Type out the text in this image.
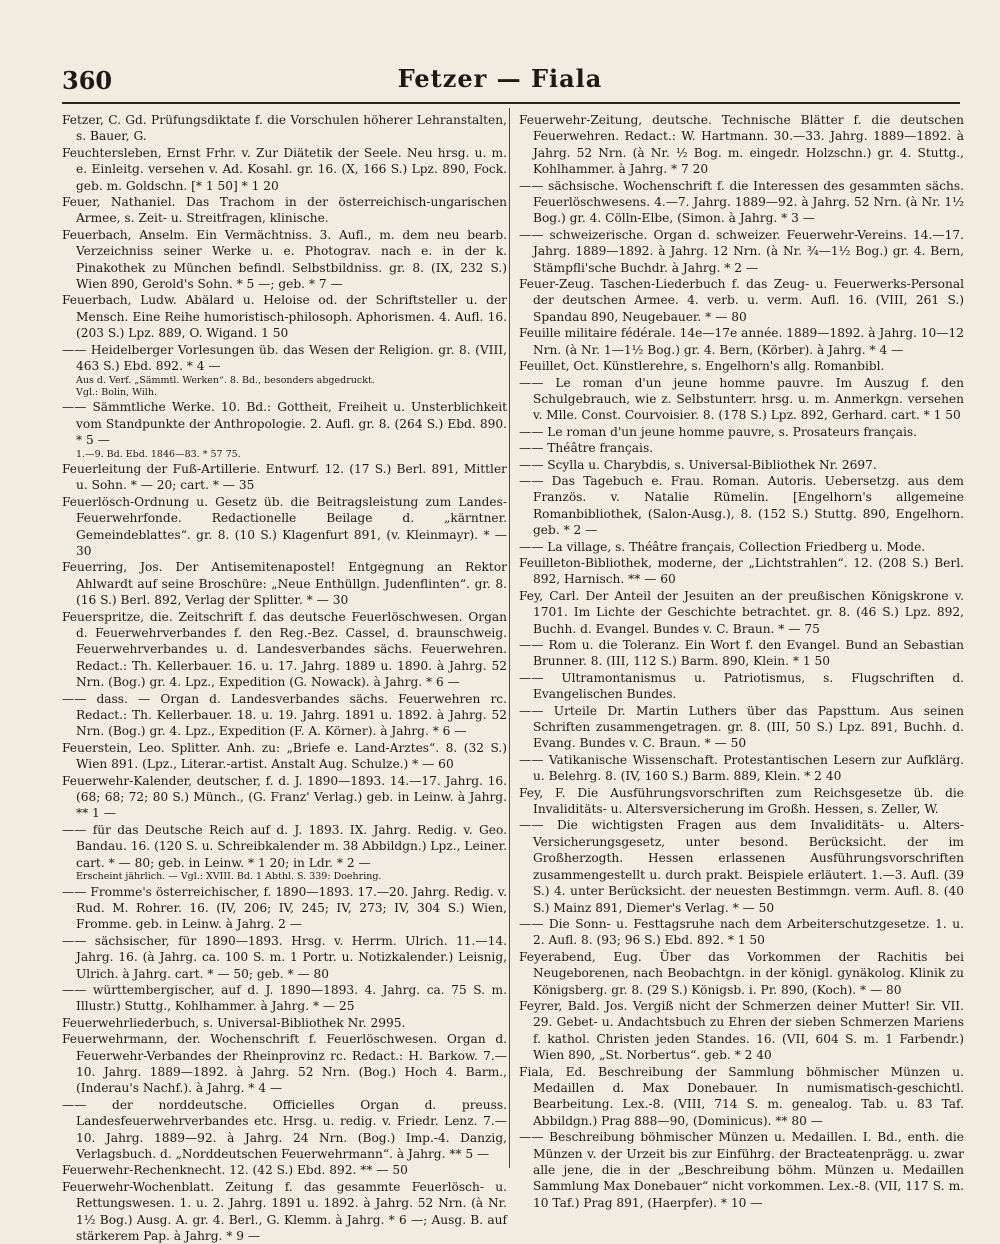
360	Fetzer — Fiala

Fetzer, C. Gd. Prüfungsdiktate f. die Vorschulen höherer Lehranstalten, s. Bauer, G.

Feuchtersleben, Ernst Frhr. v. Zur Diätetik der Seele. Neu hrsg. u. m. e. Einleitg. versehen v. Ad. Kosahl. gr. 16. (X, 166 S.) Lpz. 890, Fock. geb. m. Goldschn. [* 1 50] * 1 20

Feuer, Nathaniel. Das Trachom in der österreichisch-ungarischen Armee, s. Zeit- u. Streitfragen, klinische.

Feuerbach, Anselm. Ein Vermächtniss. 3. Aufl., m. dem neu bearb. Verzeichniss seiner Werke u. e. Photograv. nach e. in der k. Pinakothek zu München befindl. Selbstbildniss. gr. 8. (IX, 232 S.) Wien 890, Gerold's Sohn. * 5 —; geb. * 7 —

Feuerbach, Ludw. Abälard u. Heloise od. der Schriftsteller u. der Mensch. Eine Reihe humoristisch-philosoph. Aphorismen. 4. Aufl. 16. (203 S.) Lpz. 889, O. Wigand. 1 50

—— Heidelberger Vorlesungen üb. das Wesen der Religion. gr. 8. (VIII, 463 S.) Ebd. 892. * 4 —

Aus d. Verf. „Sämmtl. Werken“. 8. Bd., besonders abgedruckt.
Vgl.: Bolin, Wilh.

—— Sämmtliche Werke. 10. Bd.: Gottheit, Freiheit u. Unsterblichkeit vom Standpunkte der Anthropologie. 2. Aufl. gr. 8. (264 S.) Ebd. 890. * 5 —

1.—9. Bd. Ebd. 1846—83. * 57 75.

Feuerleitung der Fuß-Artillerie. Entwurf. 12. (17 S.) Berl. 891, Mittler u. Sohn. * — 20; cart. * — 35

Feuerlösch-Ordnung u. Gesetz üb. die Beitragsleistung zum Landes-Feuerwehrfonde. Redactionelle Beilage d. „kärntner. Gemeindeblattes“. gr. 8. (10 S.) Klagenfurt 891, (v. Kleinmayr). * — 30

Feuerring, Jos. Der Antisemitenapostel! Entgegnung an Rektor Ahlwardt auf seine Broschüre: „Neue Enthüllgn. Judenflinten“. gr. 8. (16 S.) Berl. 892, Verlag der Splitter. * — 30

Feuerspritze, die. Zeitschrift f. das deutsche Feuerlöschwesen. Organ d. Feuerwehrverbandes f. den Reg.-Bez. Cassel, d. braunschweig. Feuerwehrverbandes u. d. Landesverbandes sächs. Feuerwehren. Redact.: Th. Kellerbauer. 16. u. 17. Jahrg. 1889 u. 1890. à Jahrg. 52 Nrn. (Bog.) gr. 4. Lpz., Expedition (G. Nowack). à Jahrg. * 6 —

—— dass. — Organ d. Landesverbandes sächs. Feuerwehren rc. Redact.: Th. Kellerbauer. 18. u. 19. Jahrg. 1891 u. 1892. à Jahrg. 52 Nrn. (Bog.) gr. 4. Lpz., Expedition (F. A. Körner). à Jahrg. * 6 —

Feuerstein, Leo. Splitter. Anh. zu: „Briefe e. Land-Arztes“. 8. (32 S.) Wien 891. (Lpz., Literar.-artist. Anstalt Aug. Schulze.) * — 60

Feuerwehr-Kalender, deutscher, f. d. J. 1890—1893. 14.—17. Jahrg. 16. (68; 68; 72; 80 S.) Münch., (G. Franz' Verlag.) geb. in Leinw. à Jahrg. ** 1 —

—— für das Deutsche Reich auf d. J. 1893. IX. Jahrg. Redig. v. Geo. Bandau. 16. (120 S. u. Schreibkalender m. 38 Abbildgn.) Lpz., Leiner. cart. * — 80; geb. in Leinw. * 1 20; in Ldr. * 2 —

Erscheint jährlich. — Vgl.: XVIII. Bd. 1 Abthl. S. 339: Doehring.

—— Fromme's österreichischer, f. 1890—1893. 17.—20. Jahrg. Redig. v. Rud. M. Rohrer. 16. (IV, 206; IV, 245; IV, 273; IV, 304 S.) Wien, Fromme. geb. in Leinw. à Jahrg. 2 —

—— sächsischer, für 1890—1893. Hrsg. v. Herrm. Ulrich. 11.—14. Jahrg. 16. (à Jahrg. ca. 100 S. m. 1 Portr. u. Notizkalender.) Leisnig, Ulrich. à Jahrg. cart. * — 50; geb. * — 80

—— württembergischer, auf d. J. 1890—1893. 4. Jahrg. ca. 75 S. m. Illustr.) Stuttg., Kohlhammer. à Jahrg. * — 25

Feuerwehrliederbuch, s. Universal-Bibliothek Nr. 2995.

Feuerwehrmann, der. Wochenschrift f. Feuerlöschwesen. Organ d. Feuerwehr-Verbandes der Rheinprovinz rc. Redact.: H. Barkow. 7.—10. Jahrg. 1889—1892. à Jahrg. 52 Nrn. (Bog.) Hoch 4. Barm., (Inderau's Nachf.). à Jahrg. * 4 —

—— der norddeutsche. Officielles Organ d. preuss. Landesfeuerwehrverbandes etc. Hrsg. u. redig. v. Friedr. Lenz. 7.—10. Jahrg. 1889—92. à Jahrg. 24 Nrn. (Bog.) Imp.-4. Danzig, Verlagsbuch. d. „Norddeutschen Feuerwehrmann“. à Jahrg. ** 5 —

Feuerwehr-Rechenknecht. 12. (42 S.) Ebd. 892. ** — 50

Feuerwehr-Wochenblatt. Zeitung f. das gesammte Feuerlösch- u. Rettungswesen. 1. u. 2. Jahrg. 1891 u. 1892. à Jahrg. 52 Nrn. (à Nr. 1½ Bog.) Ausg. A. gr. 4. Berl., G. Klemm. à Jahrg. * 6 —; Ausg. B. auf stärkerem Pap. à Jahrg. * 9 —

Feuerwehr-Zeitung, deutsche. Technische Blätter f. die deutschen Feuerwehren. Redact.: W. Hartmann. 30.—33. Jahrg. 1889—1892. à Jahrg. 52 Nrn. (à Nr. ½ Bog. m. eingedr. Holzschn.) gr. 4. Stuttg., Kohlhammer. à Jahrg. * 7 20

—— sächsische. Wochenschrift f. die Interessen des gesammten sächs. Feuerlöschwesens. 4.—7. Jahrg. 1889—92. à Jahrg. 52 Nrn. (à Nr. 1½ Bog.) gr. 4. Cölln-Elbe, (Simon. à Jahrg. * 3 —

—— schweizerische. Organ d. schweizer. Feuerwehr-Vereins. 14.—17. Jahrg. 1889—1892. à Jahrg. 12 Nrn. (à Nr. ¾—1½ Bog.) gr. 4. Bern, Stämpfli'sche Buchdr. à Jahrg. * 2 —

Feuer-Zeug. Taschen-Liederbuch f. das Zeug- u. Feuerwerks-Personal der deutschen Armee. 4. verb. u. verm. Aufl. 16. (VIII, 261 S.) Spandau 890, Neugebauer. * — 80

Feuille militaire fédérale. 14e—17e année. 1889—1892. à Jahrg. 10—12 Nrn. (à Nr. 1—1½ Bog.) gr. 4. Bern, (Körber). à Jahrg. * 4 —

Feuillet, Oct. Künstlerehre, s. Engelhorn's allg. Romanbibl.

—— Le roman d'un jeune homme pauvre. Im Auszug f. den Schulgebrauch, wie z. Selbstunterr. hrsg. u. m. Anmerkgn. versehen v. Mlle. Const. Courvoisier. 8. (178 S.) Lpz. 892, Gerhard. cart. * 1 50

—— Le roman d'un jeune homme pauvre, s. Prosateurs français.

—— Théâtre français.

—— Scylla u. Charybdis, s. Universal-Bibliothek Nr. 2697.

—— Das Tagebuch e. Frau. Roman. Autoris. Uebersetzg. aus dem Französ. v. Natalie Rümelin. [Engelhorn's allgemeine Romanbibliothek, (Salon-Ausg.), 8. (152 S.) Stuttg. 890, Engelhorn. geb. * 2 —

—— La village, s. Théâtre français, Collection Friedberg u. Mode.

Feuilleton-Bibliothek, moderne, der „Lichtstrahlen“. 12. (208 S.) Berl. 892, Harnisch. ** — 60

Fey, Carl. Der Anteil der Jesuiten an der preußischen Königskrone v. 1701. Im Lichte der Geschichte betrachtet. gr. 8. (46 S.) Lpz. 892, Buchh. d. Evangel. Bundes v. C. Braun. * — 75

—— Rom u. die Toleranz. Ein Wort f. den Evangel. Bund an Sebastian Brunner. 8. (III, 112 S.) Barm. 890, Klein. * 1 50

—— Ultramontanismus u. Patriotismus, s. Flugschriften d. Evangelischen Bundes.

—— Urteile Dr. Martin Luthers über das Papsttum. Aus seinen Schriften zusammengetragen. gr. 8. (III, 50 S.) Lpz. 891, Buchh. d. Evang. Bundes v. C. Braun. * — 50

—— Vatikanische Wissenschaft. Protestantischen Lesern zur Aufklärg. u. Belehrg. 8. (IV, 160 S.) Barm. 889, Klein. * 2 40

Fey, F. Die Ausführungsvorschriften zum Reichsgesetze üb. die Invaliditäts- u. Altersversicherung im Großh. Hessen, s. Zeller, W.

—— Die wichtigsten Fragen aus dem Invaliditäts- u. Alters-Versicherungsgesetz, unter besond. Berücksicht. der im Großherzogth. Hessen erlassenen Ausführungsvorschriften zusammengestellt u. durch prakt. Beispiele erläutert. 1.—3. Aufl. (39 S.) 4. unter Berücksicht. der neuesten Bestimmgn. verm. Aufl. 8. (40 S.) Mainz 891, Diemer's Verlag. * — 50

—— Die Sonn- u. Festtagsruhe nach dem Arbeiterschutzgesetze. 1. u. 2. Aufl. 8. (93; 96 S.) Ebd. 892. * 1 50

Feyerabend, Eug. Über das Vorkommen der Rachitis bei Neugeborenen, nach Beobachtgn. in der königl. gynäkolog. Klinik zu Königsberg. gr. 8. (29 S.) Königsb. i. Pr. 890, (Koch). * — 80

Feyrer, Bald. Jos. Vergiß nicht der Schmerzen deiner Mutter! Sir. VII. 29. Gebet- u. Andachtsbuch zu Ehren der sieben Schmerzen Mariens f. kathol. Christen jeden Standes. 16. (VII, 604 S. m. 1 Farbendr.) Wien 890, „St. Norbertus“. geb. * 2 40

Fiala, Ed. Beschreibung der Sammlung böhmischer Münzen u. Medaillen d. Max Donebauer. In numismatisch-geschichtl. Bearbeitung. Lex.-8. (VIII, 714 S. m. genealog. Tab. u. 83 Taf. Abbildgn.) Prag 888—90, (Dominicus). ** 80 —

—— Beschreibung böhmischer Münzen u. Medaillen. I. Bd., enth. die Münzen v. der Urzeit bis zur Einführg. der Bracteatenprägg. u. zwar alle jene, die in der „Beschreibung böhm. Münzen u. Medaillen Sammlung Max Donebauer“ nicht vorkommen. Lex.-8. (VII, 117 S. m. 10 Taf.) Prag 891, (Haerpfer). * 10 —
